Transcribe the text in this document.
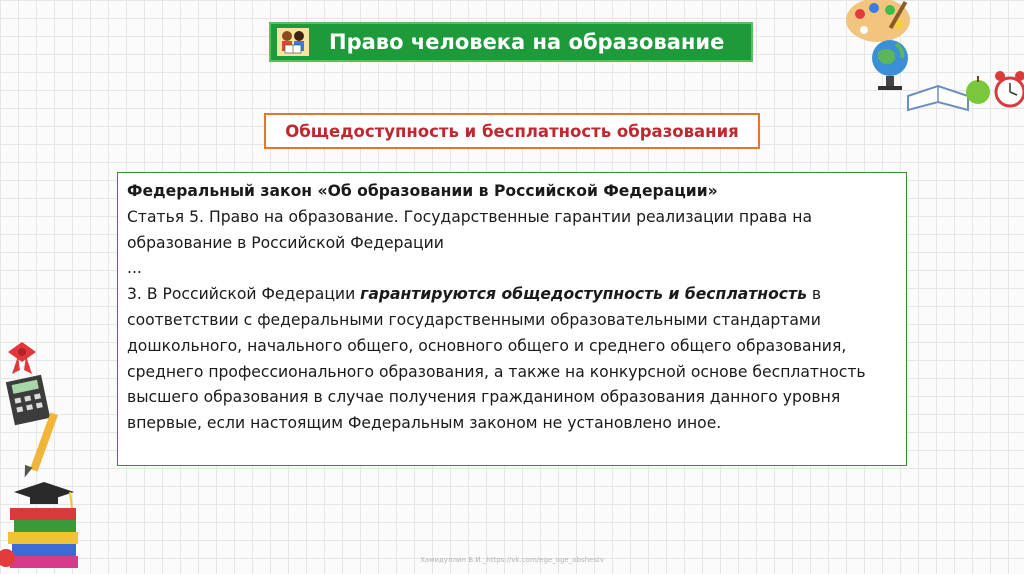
Право человека на образование
Общедоступность и бесплатность образования

Федеральный закон «Об образовании в Российской Федерации»

Статья 5. Право на образование. Государственные гарантии реализации права на образование в Российской Федерации

...

3. В Российской Федерации гарантируются общедоступность и бесплатность в соответствии с федеральными государственными образовательными стандартами дошкольного, начального общего, основного общего и среднего общего образования, среднего профессионального образования, а также на конкурсной основе бесплатность высшего образования в случае получения гражданином образования данного уровня впервые, если настоящим Федеральным законом не установлено иное.

Хамидуллин Б.И._https://vk.com/ege_oge_obshestv
